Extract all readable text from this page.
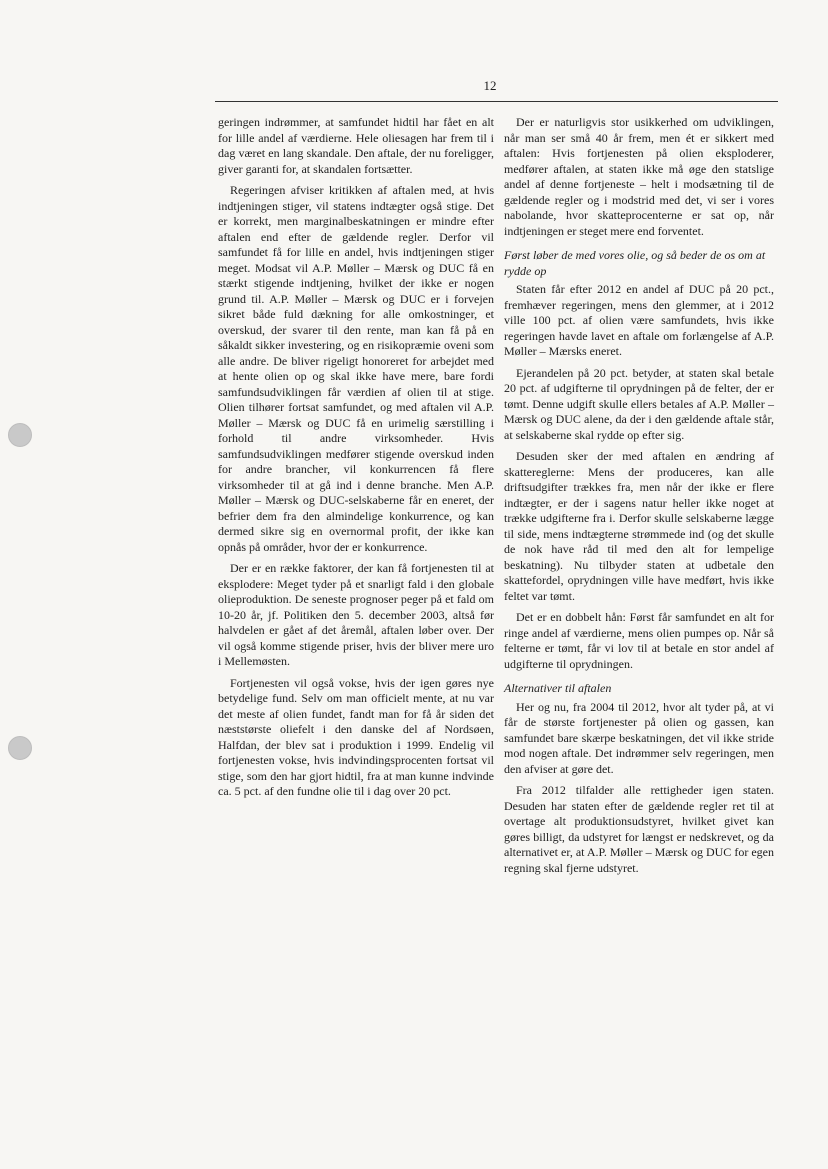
12

geringen indrømmer, at samfundet hidtil har fået en alt for lille andel af værdierne. Hele oliesagen har frem til i dag været en lang skandale. Den aftale, der nu foreligger, giver garanti for, at skandalen fortsætter.

Regeringen afviser kritikken af aftalen med, at hvis indtjeningen stiger, vil statens indtægter også stige. Det er korrekt, men marginalbeskatningen er mindre efter aftalen end efter de gældende regler. Derfor vil samfundet få for lille en andel, hvis indtjeningen stiger meget. Modsat vil A.P. Møller – Mærsk og DUC få en stærkt stigende indtjening, hvilket der ikke er nogen grund til. A.P. Møller – Mærsk og DUC er i forvejen sikret både fuld dækning for alle omkostninger, et overskud, der svarer til den rente, man kan få på en såkaldt sikker investering, og en risikopræmie oveni som alle andre. De bliver rigeligt honoreret for arbejdet med at hente olien op og skal ikke have mere, bare fordi samfundsudviklingen får værdien af olien til at stige. Olien tilhører fortsat samfundet, og med aftalen vil A.P. Møller – Mærsk og DUC få en urimelig særstilling i forhold til andre virksomheder. Hvis samfundsudviklingen medfører stigende overskud inden for andre brancher, vil konkurrencen få flere virksomheder til at gå ind i denne branche. Men A.P. Møller – Mærsk og DUC-selskaberne får en eneret, der befrier dem fra den almindelige konkurrence, og kan dermed sikre sig en overnormal profit, der ikke kan opnås på områder, hvor der er konkurrence.

Der er en række faktorer, der kan få fortjenesten til at eksplodere: Meget tyder på et snarligt fald i den globale olieproduktion. De seneste prognoser peger på et fald om 10-20 år, jf. Politiken den 5. december 2003, altså før halvdelen er gået af det åremål, aftalen løber over. Der vil også komme stigende priser, hvis der bliver mere uro i Mellemøsten.

Fortjenesten vil også vokse, hvis der igen gøres nye betydelige fund. Selv om man officielt mente, at nu var det meste af olien fundet, fandt man for få år siden det næststørste oliefelt i den danske del af Nordsøen, Halfdan, der blev sat i produktion i 1999. Endelig vil fortjenesten vokse, hvis indvindingsprocenten fortsat vil stige, som den har gjort hidtil, fra at man kunne indvinde ca. 5 pct. af den fundne olie til i dag over 20 pct.

Der er naturligvis stor usikkerhed om udviklingen, når man ser små 40 år frem, men ét er sikkert med aftalen: Hvis fortjenesten på olien eksploderer, medfører aftalen, at staten ikke må øge den statslige andel af denne fortjeneste – helt i modsætning til de gældende regler og i modstrid med det, vi ser i vores nabolande, hvor skatteprocenterne er sat op, når indtjeningen er steget mere end forventet.

Først løber de med vores olie, og så beder de os om at rydde op

Staten får efter 2012 en andel af DUC på 20 pct., fremhæver regeringen, mens den glemmer, at i 2012 ville 100 pct. af olien være samfundets, hvis ikke regeringen havde lavet en aftale om forlængelse af A.P. Møller – Mærsks eneret.

Ejerandelen på 20 pct. betyder, at staten skal betale 20 pct. af udgifterne til oprydningen på de felter, der er tømt. Denne udgift skulle ellers betales af A.P. Møller – Mærsk og DUC alene, da der i den gældende aftale står, at selskaberne skal rydde op efter sig.

Desuden sker der med aftalen en ændring af skattereglerne: Mens der produceres, kan alle driftsudgifter trækkes fra, men når der ikke er flere indtægter, er der i sagens natur heller ikke noget at trække udgifterne fra i. Derfor skulle selskaberne lægge til side, mens indtægterne strømmede ind (og det skulle de nok have råd til med den alt for lempelige beskatning). Nu tilbyder staten at udbetale den skattefordel, oprydningen ville have medført, hvis ikke feltet var tømt.

Det er en dobbelt hån: Først får samfundet en alt for ringe andel af værdierne, mens olien pumpes op. Når så felterne er tømt, får vi lov til at betale en stor andel af udgifterne til oprydningen.

Alternativer til aftalen

Her og nu, fra 2004 til 2012, hvor alt tyder på, at vi får de største fortjenester på olien og gassen, kan samfundet bare skærpe beskatningen, det vil ikke stride mod nogen aftale. Det indrømmer selv regeringen, men den afviser at gøre det.

Fra 2012 tilfalder alle rettigheder igen staten. Desuden har staten efter de gældende regler ret til at overtage alt produktionsudstyret, hvilket givet kan gøres billigt, da udstyret for længst er nedskrevet, og da alternativet er, at A.P. Møller – Mærsk og DUC for egen regning skal fjerne udstyret.
